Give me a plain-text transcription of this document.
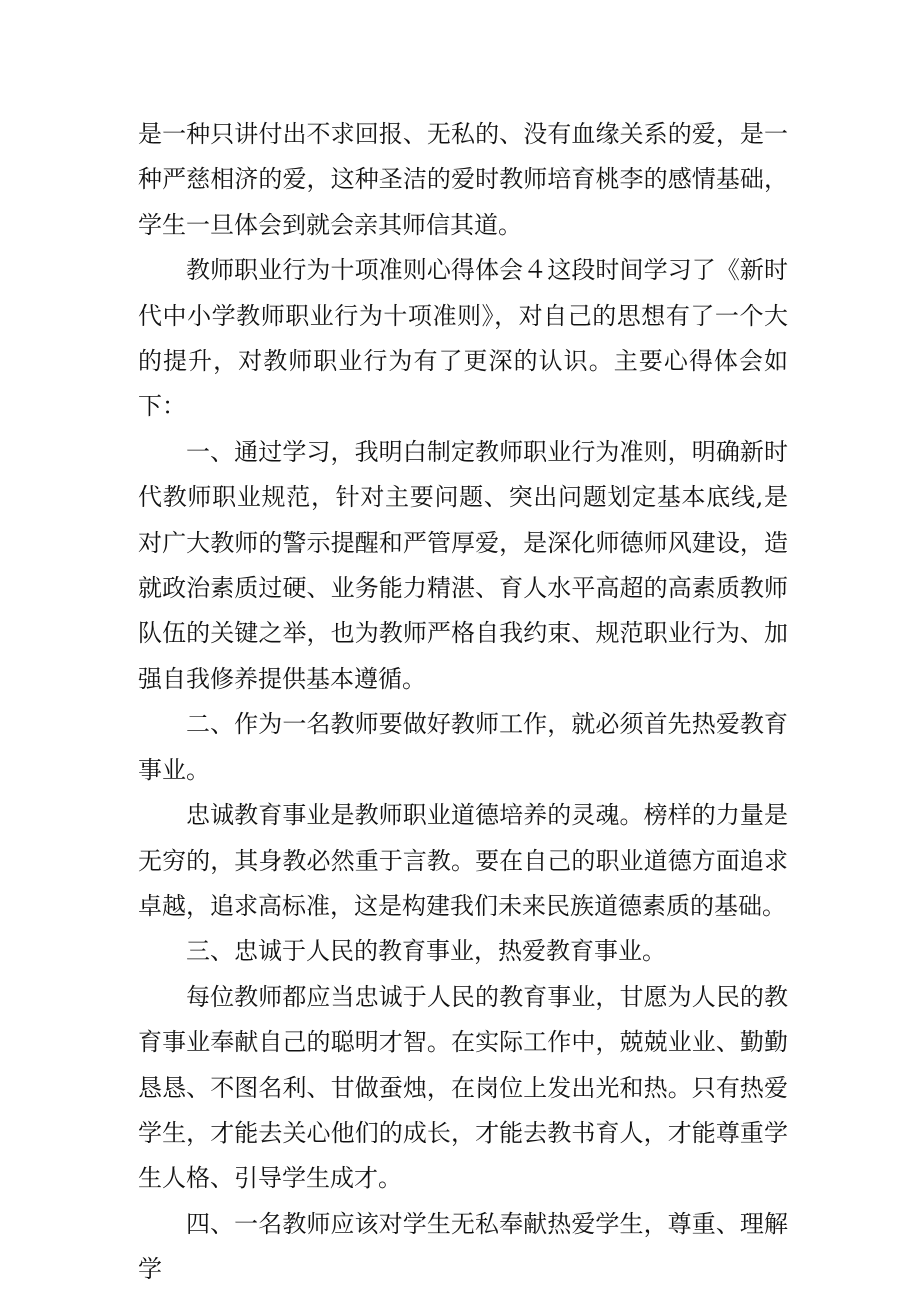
是一种只讲付出不求回报、无私的、没有血缘关系的爱，是一种严慈相济的爱，这种圣洁的爱时教师培育桃李的感情基础，学生一旦体会到就会亲其师信其道。

教师职业行为十项准则心得体会４这段时间学习了《新时代中小学教师职业行为十项准则》，对自己的思想有了一个大的提升，对教师职业行为有了更深的认识。主要心得体会如下：

一、通过学习，我明白制定教师职业行为准则，明确新时代教师职业规范，针对主要问题、突出问题划定基本底线,是对广大教师的警示提醒和严管厚爱，是深化师德师风建设，造就政治素质过硬、业务能力精湛、育人水平高超的高素质教师队伍的关键之举，也为教师严格自我约束、规范职业行为、加强自我修养提供基本遵循。

二、作为一名教师要做好教师工作，就必须首先热爱教育事业。

忠诚教育事业是教师职业道德培养的灵魂。榜样的力量是无穷的，其身教必然重于言教。要在自己的职业道德方面追求卓越，追求高标准，这是构建我们未来民族道德素质的基础。

三、忠诚于人民的教育事业，热爱教育事业。

每位教师都应当忠诚于人民的教育事业，甘愿为人民的教育事业奉献自己的聪明才智。在实际工作中，兢兢业业、勤勤恳恳、不图名利、甘做蚕烛，在岗位上发出光和热。只有热爱学生，才能去关心他们的成长，才能去教书育人，才能尊重学生人格、引导学生成才。

四、一名教师应该对学生无私奉献热爱学生，尊重、理解学
